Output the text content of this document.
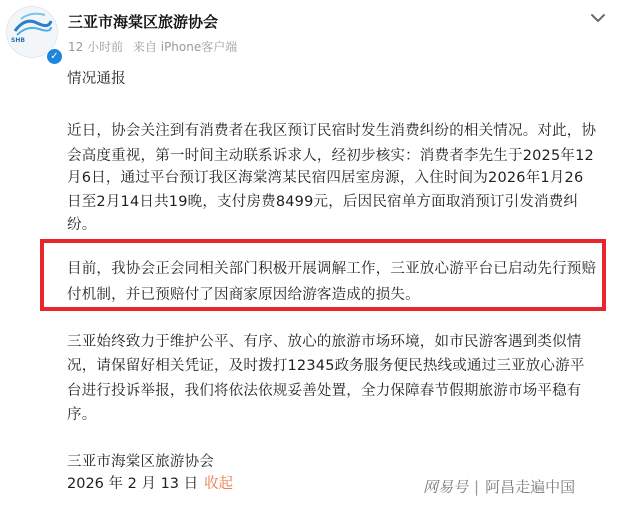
SHB
✓
三亚市海棠区旅游协会
12 小时前 来自 iPhone客户端
情况通报
近日，协会关注到有消费者在我区预订民宿时发生消费纠纷的相关情况。对此，协
会高度重视，第一时间主动联系诉求人，经初步核实：消费者李先生于2025年12
月6日，通过平台预订我区海棠湾某民宿四居室房源，入住时间为2026年1月26
日至2月14日共19晚，支付房费8499元，后因民宿单方面取消预订引发消费纠
纷。
目前，我协会正会同相关部门积极开展调解工作，三亚放心游平台已启动先行预赔
付机制，并已预赔付了因商家原因给游客造成的损失。
三亚始终致力于维护公平、有序、放心的旅游市场环境，如市民游客遇到类似情
况，请保留好相关凭证，及时拨打12345政务服务便民热线或通过三亚放心游平
台进行投诉举报，我们将依法依规妥善处置，全力保障春节假期旅游市场平稳有
序。
三亚市海棠区旅游协会
2026 年 2 月 13 日 收起	网易号 | 阿昌走遍中国
